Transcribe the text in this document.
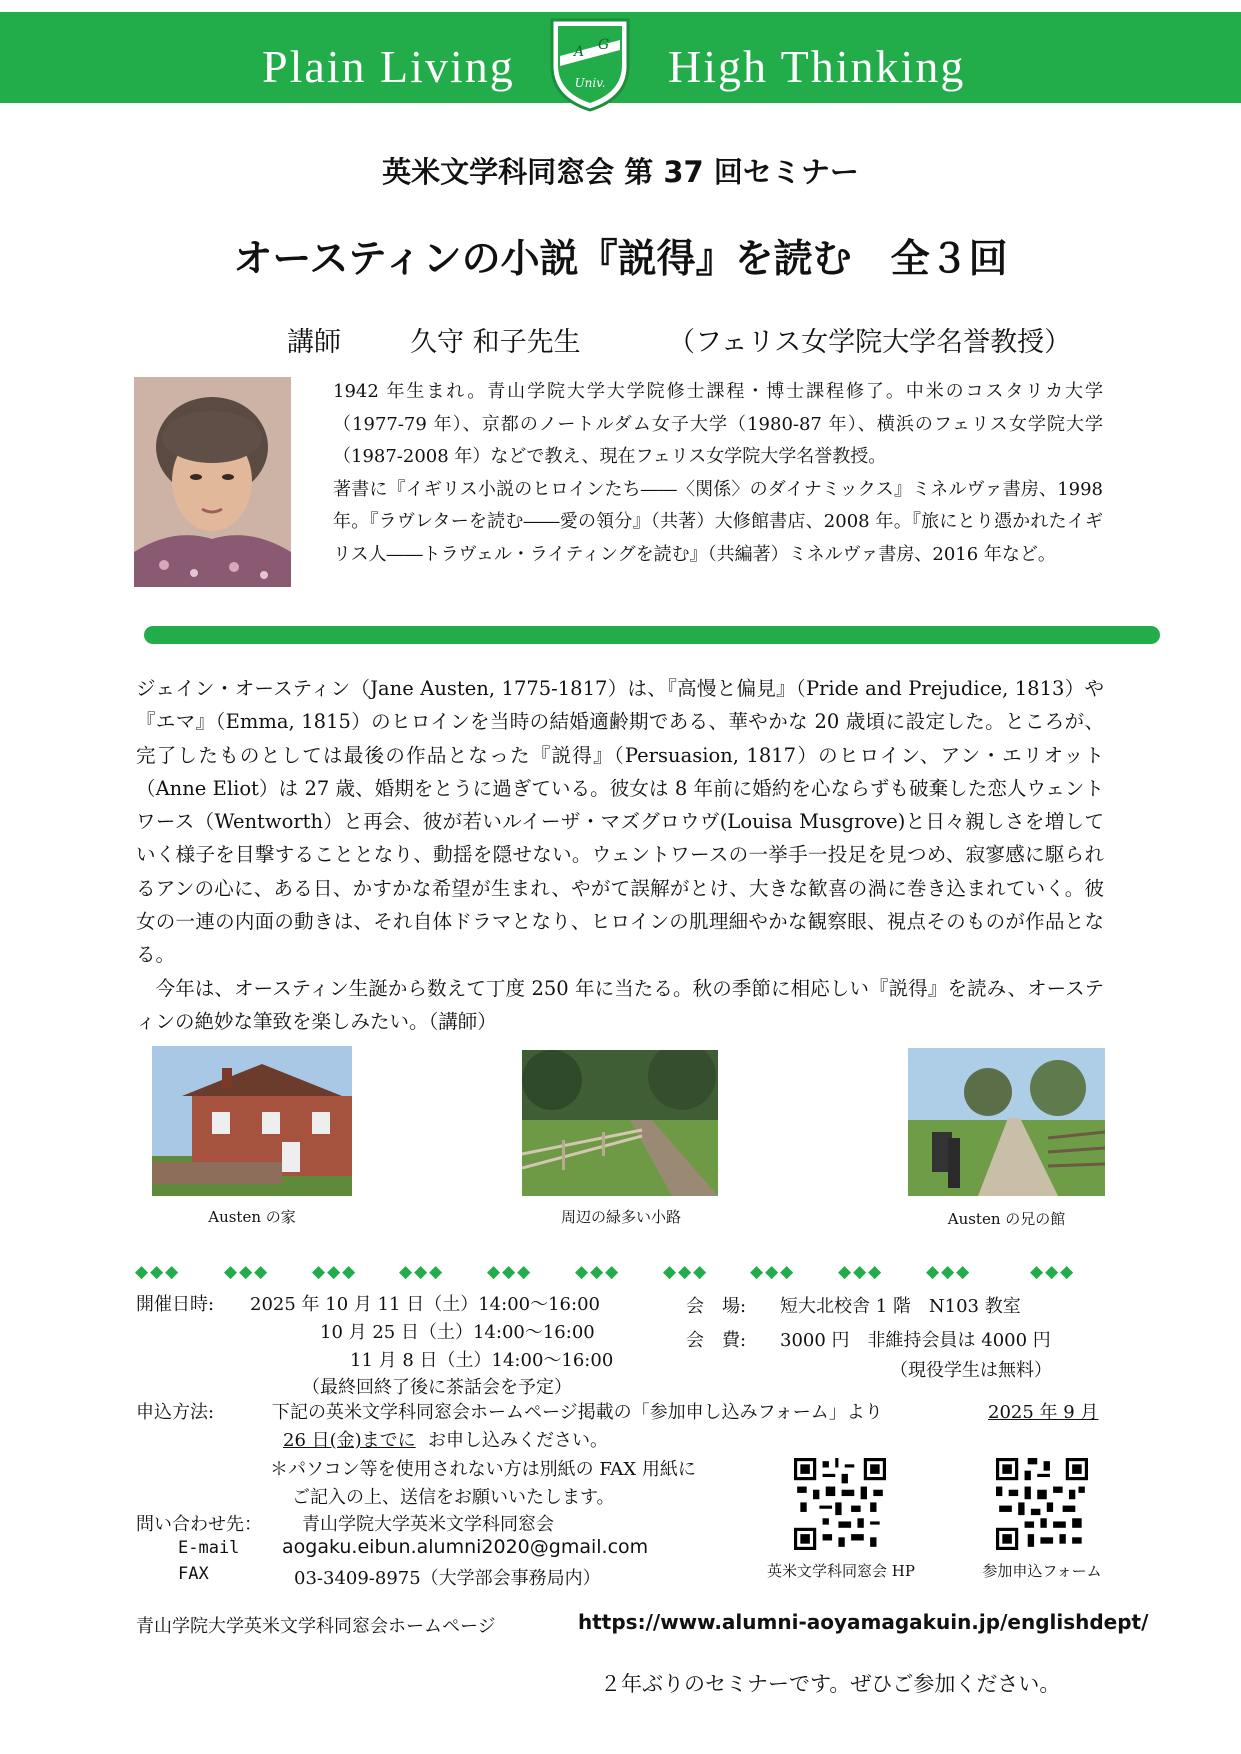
Plain Living	High Thinking
A G
Univ.
英米文学科同窓会 第 37 回セミナー
オースティンの小説『説得』を読む　全３回
講師	久守 和子先生	（フェリス女学院大学名誉教授）

1942 年生まれ。青山学院大学大学院修士課程・博士課程修了。中米のコスタリカ大学（1977-79 年）、京都のノートルダム女子大学（1980-87 年）、横浜のフェリス女学院大学（1987-2008 年）などで教え、現在フェリス女学院大学名誉教授。

著書に『イギリス小説のヒロインたち――〈関係〉のダイナミックス』ミネルヴァ書房、1998 年。『ラヴレターを読む――愛の領分』（共著）大修館書店、2008 年。『旅にとり憑かれたイギリス人――トラヴェル・ライティングを読む』（共編著）ミネルヴァ書房、2016 年など。

ジェイン・オースティン（Jane Austen, 1775-1817）は、『高慢と偏見』（Pride and Prejudice, 1813）や『エマ』（Emma, 1815）のヒロインを当時の結婚適齢期である、華やかな 20 歳頃に設定した。ところが、完了したものとしては最後の作品となった『説得』（Persuasion, 1817）のヒロイン、アン・エリオット（Anne Eliot）は 27 歳、婚期をとうに過ぎている。彼女は 8 年前に婚約を心ならずも破棄した恋人ウェントワース（Wentworth）と再会、彼が若いルイーザ・マズグロウヴ(Louisa Musgrove)と日々親しさを増していく様子を目撃することとなり、動揺を隠せない。ウェントワースの一挙手一投足を見つめ、寂寥感に駆られるアンの心に、ある日、かすかな希望が生まれ、やがて誤解がとけ、大きな歓喜の渦に巻き込まれていく。彼女の一連の内面の動きは、それ自体ドラマとなり、ヒロインの肌理細やかな観察眼、視点そのものが作品となる。

　今年は、オースティン生誕から数えて丁度 250 年に当たる。秋の季節に相応しい『説得』を読み、オースティンの絶妙な筆致を楽しみたい。（講師）

Austen の家	周辺の緑多い小路	Austen の兄の館
◆◆◆	◆◆◆	◆◆◆ ◆◆◆	◆◆◆	◆◆◆	◆◆◆ ◆◆◆	◆◆◆	◆◆◆	◆◆◆
開催日時: 2025 年 10 月 11 日（土）14:00～16:00
10 月 25 日（土）14:00～16:00
11 月 8 日（土）14:00～16:00
（最終回終了後に茶話会を予定）
会　場: 短大北校舎 1 階　N103 教室
会　費: 3000 円　非維持会員は 4000 円
（現役学生は無料）
申込方法:	下記の英米文学科同窓会ホームページ掲載の「参加申し込みフォーム」より	2025 年 9 月
26 日(金)までに お申し込みください。
＊パソコン等を使用されない方は別紙の FAX 用紙に
ご記入の上、送信をお願いいたします。
問い合わせ先： 青山学院大学英米文学科同窓会
E-mail aogaku.eibun.alumni2020@gmail.com
FAX	03-3409-8975（大学部会事務局内）	英米文学科同窓会 HP	参加申込フォーム
青山学院大学英米文学科同窓会ホームページ	https://www.alumni-aoyamagakuin.jp/englishdept/
２年ぶりのセミナーです。ぜひご参加ください。
